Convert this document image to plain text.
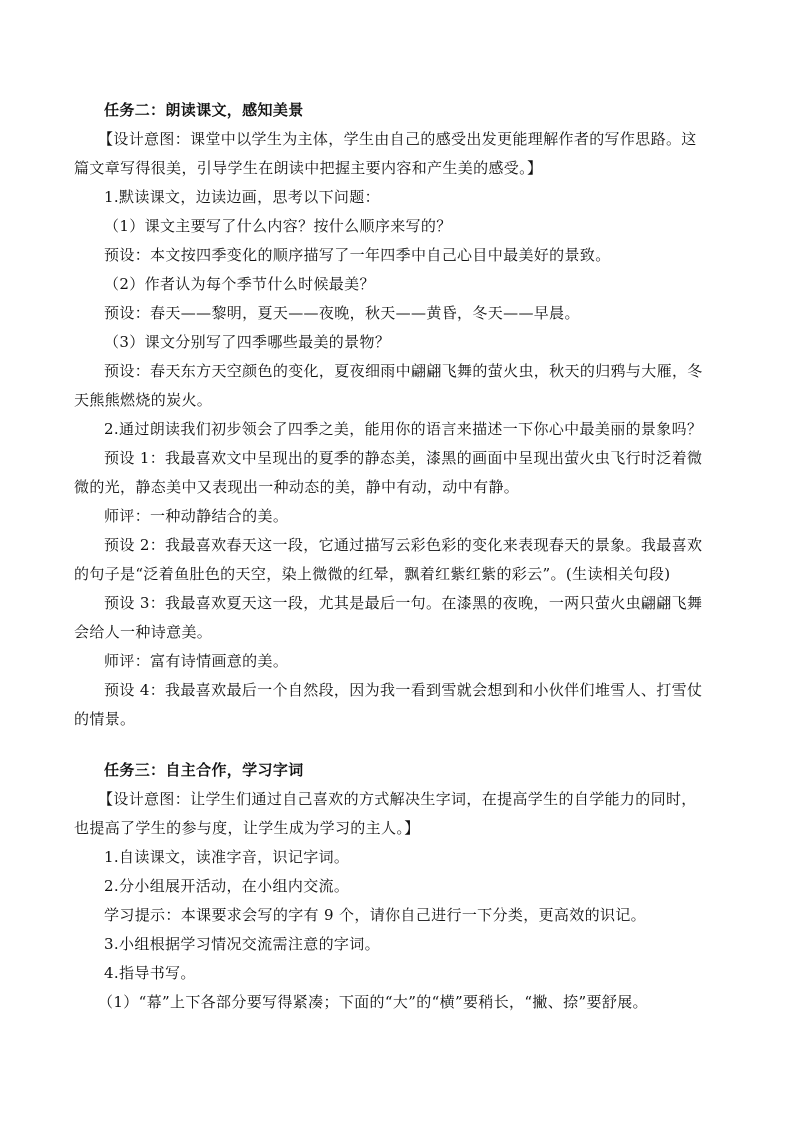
任务二：朗读课文，感知美景
【设计意图：课堂中以学生为主体，学生由自己的感受出发更能理解作者的写作思路。这
篇文章写得很美，引导学生在朗读中把握主要内容和产生美的感受。】
1.默读课文，边读边画，思考以下问题：
（1）课文主要写了什么内容？按什么顺序来写的？
预设：本文按四季变化的顺序描写了一年四季中自己心目中最美好的景致。
（2）作者认为每个季节什么时候最美？
预设：春天——黎明，夏天——夜晚，秋天——黄昏，冬天——早晨。
（3）课文分别写了四季哪些最美的景物？
预设：春天东方天空颜色的变化，夏夜细雨中翩翩飞舞的萤火虫，秋天的归鸦与大雁，冬
天熊熊燃烧的炭火。
2.通过朗读我们初步领会了四季之美，能用你的语言来描述一下你心中最美丽的景象吗？
预设 1：我最喜欢文中呈现出的夏季的静态美，漆黑的画面中呈现出萤火虫飞行时泛着微
微的光，静态美中又表现出一种动态的美，静中有动，动中有静。
师评：一种动静结合的美。
预设 2：我最喜欢春天这一段，它通过描写云彩色彩的变化来表现春天的景象。我最喜欢
的句子是“泛着鱼肚色的天空，染上微微的红晕，飘着红紫红紫的彩云”。(生读相关句段)
预设 3：我最喜欢夏天这一段，尤其是最后一句。在漆黑的夜晚，一两只萤火虫翩翩飞舞
会给人一种诗意美。
师评：富有诗情画意的美。
预设 4：我最喜欢最后一个自然段，因为我一看到雪就会想到和小伙伴们堆雪人、打雪仗
的情景。
任务三：自主合作，学习字词
【设计意图：让学生们通过自己喜欢的方式解决生字词，在提高学生的自学能力的同时，
也提高了学生的参与度，让学生成为学习的主人。】
1.自读课文，读准字音，识记字词。
2.分小组展开活动，在小组内交流。
学习提示：本课要求会写的字有 9 个，请你自己进行一下分类，更高效的识记。
3.小组根据学习情况交流需注意的字词。
4.指导书写。
（1）“幕”上下各部分要写得紧凑；下面的“大”的“横”要稍长，“撇、捺”要舒展。
